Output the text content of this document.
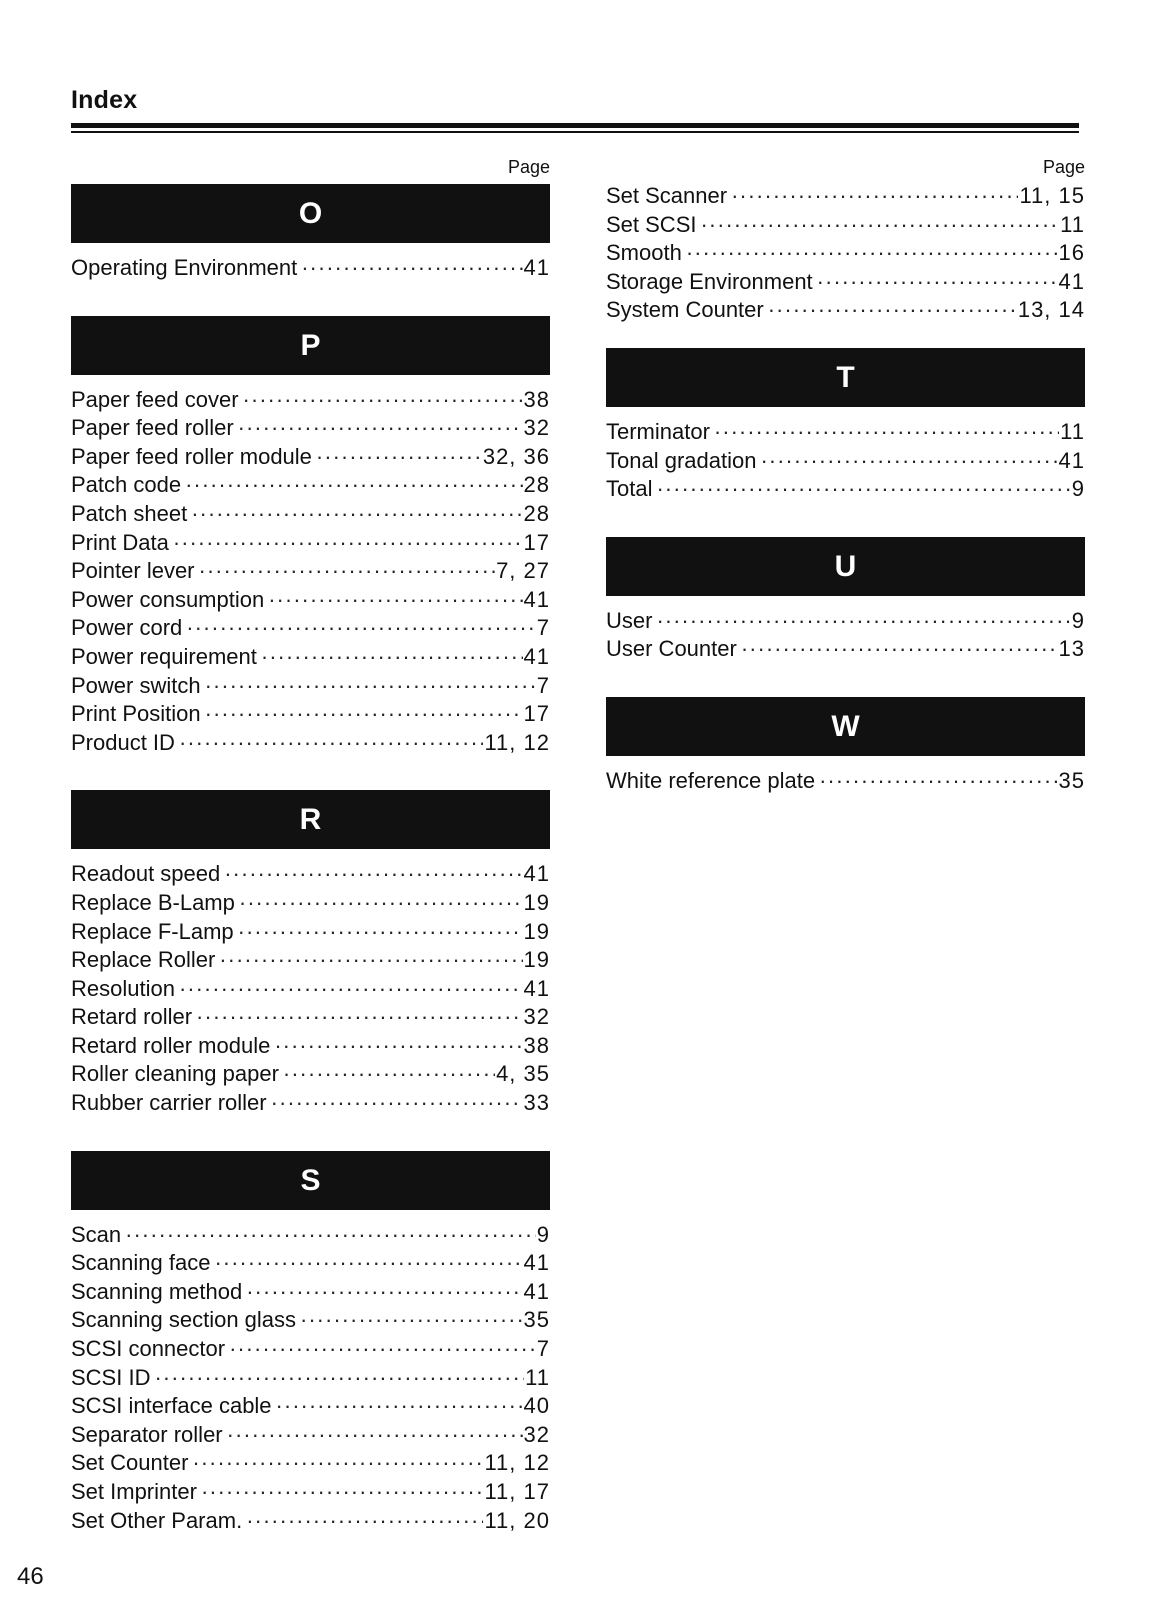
Index
Page
O
Operating Environment ·····	41
P
Paper feed cover ·····	38
Paper feed roller ·····	32
Paper feed roller module ·····	32, 36
Patch code ·····	28
Patch sheet ·····	28
Print Data ·····	17
Pointer lever ·····	7, 27
Power consumption ·····	41
Power cord ·····	7
Power requirement ·····	41
Power switch ·····	7
Print Position ·····	17
Product ID ·····	11, 12
R
Readout speed ·····	41
Replace B-Lamp ·····	19
Replace F-Lamp ·····	19
Replace Roller ·····	19
Resolution ·····	41
Retard roller ·····	32
Retard roller module ·····	38
Roller cleaning paper ·····	4, 35
Rubber carrier roller ·····	33
S
Scan ·····	9
Scanning face ·····	41
Scanning method ·····	41
Scanning section glass ·····	35
SCSI connector ·····	7
SCSI ID ·····	11
SCSI interface cable ·····	40
Separator roller ·····	32
Set Counter ·····	11, 12
Set Imprinter ·····	11, 17
Set Other Param. ·····	11, 20
Page
Set Scanner ·····	11, 15
Set SCSI ·····	11
Smooth ·····	16
Storage Environment ·····	41
System Counter ·····	13, 14
T
Terminator ·····	11
Tonal gradation ·····	41
Total ·····	9
U
User ·····	9
User Counter ·····	13
W
White reference plate ·····	35
46
